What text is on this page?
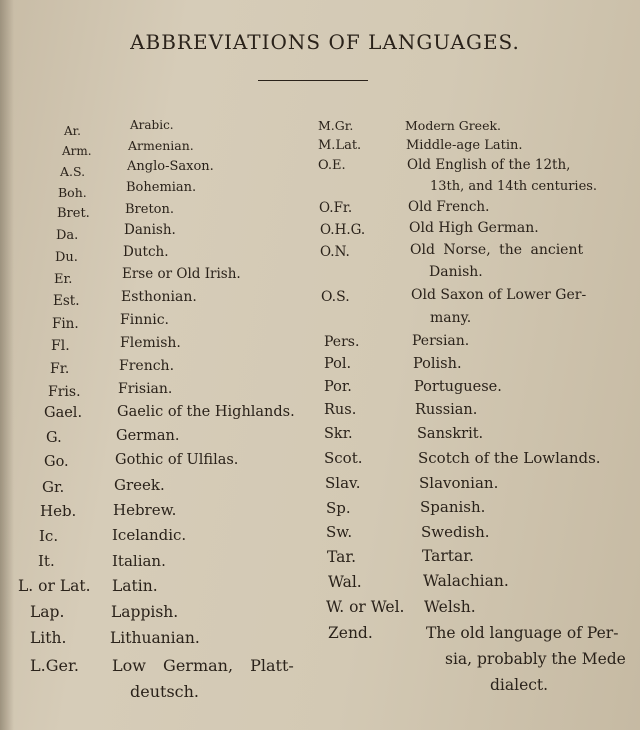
ABBREVIATIONS OF LANGUAGES.
Ar.	Arabic.
Arm.	Armenian.
A.S.	Anglo-Saxon.
Boh.	Bohemian.
Bret.	Breton.
Da.	Danish.
Du.	Dutch.
Er.	Erse or Old Irish.
Est.	Esthonian.
Fin.	Finnic.
Fl.	Flemish.
Fr.	French.
Fris.	Frisian.
Gael. Gaelic of the Highlands.
G.	German.
Go.	Gothic of Ulfilas.
Gr.	Greek.
Heb. Hebrew.
Ic.	Icelandic.
It.	Italian.
L. or Lat. Latin.
Lap.	Lappish.
Lith.	Lithuanian.
L.Ger. Low German, Platt-
deutsch.
M.Gr.	Modern Greek.
M.Lat.	Middle-age Latin.
O.E.	Old English of the 12th,
13th, and 14th centuries.
O.Fr.	Old French.
O.H.G.	Old High German.
O.N.	Old Norse, the ancient
Danish.
O.S.	Old Saxon of Lower Ger-
many.
Pers.	Persian.
Pol.	Polish.
Por.	Portuguese.
Rus.	Russian.
Skr.	Sanskrit.
Scot.	Scotch of the Lowlands.
Slav.	Slavonian.
Sp.	Spanish.
Sw.	Swedish.
Tar.	Tartar.
Wal.	Walachian.
W. or Wel. Welsh.
Zend.	The old language of Per-
sia, probably the Mede
dialect.
